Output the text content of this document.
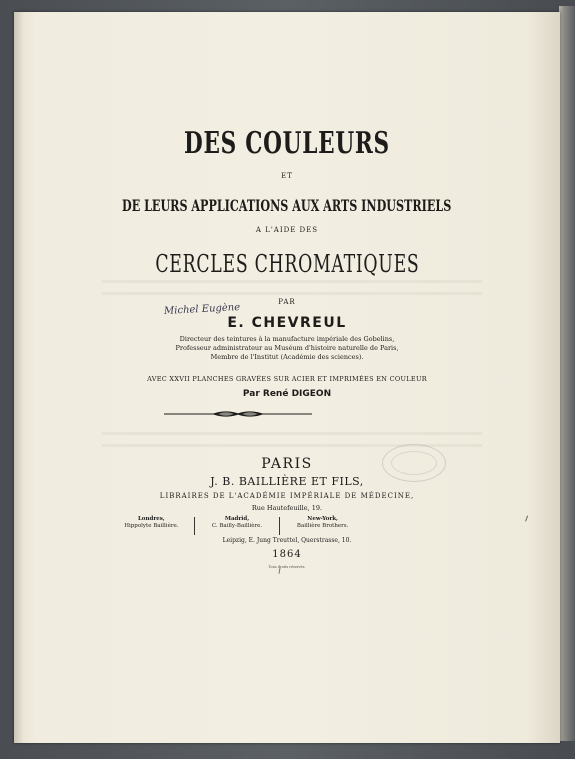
DES COULEURS
ET
DE LEURS APPLICATIONS AUX ARTS INDUSTRIELS
A L'AIDE DES
CERCLES CHROMATIQUES
PAR
Michel Eugène
E. CHEVREUL
Directeur des teintures à la manufacture impériale des Gobelins,
Professeur administrateur au Muséum d'histoire naturelle de Paris,
Membre de l'Institut (Académie des sciences).
AVEC XXVII PLANCHES GRAVÉES SUR ACIER ET IMPRIMÉES EN COULEUR
Par René DIGEON
PARIS
J. B. BAILLIÈRE ET FILS,
LIBRAIRES DE L'ACADÉMIE IMPÉRIALE DE MÉDECINE,
Rue Hautefeuille, 19.
Londres,
Hippolyte Baillière.
Madrid,
C. Bailly-Baillière.
New-York,
Baillière Brothers.
Leipzig, E. Jung Treuttel, Querstrasse, 10.
1864
Tous droits réservés.
